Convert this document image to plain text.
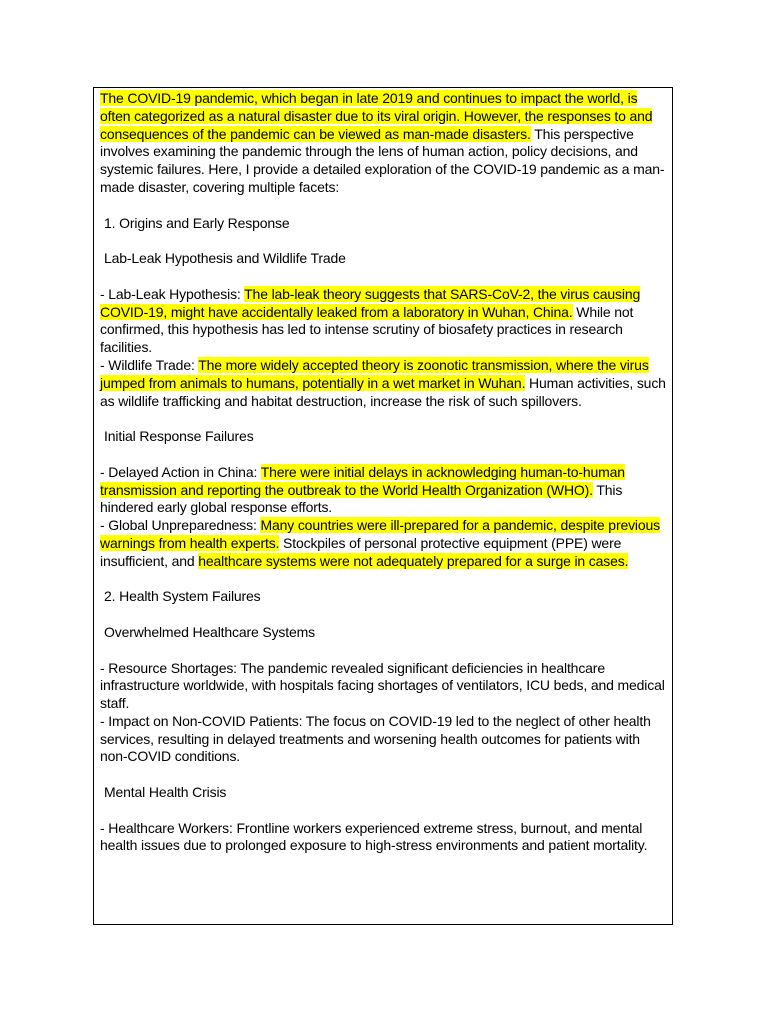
The COVID-19 pandemic, which began in late 2019 and continues to impact the world, is often categorized as a natural disaster due to its viral origin. However, the responses to and consequences of the pandemic can be viewed as man-made disasters. This perspective involves examining the pandemic through the lens of human action, policy decisions, and systemic failures. Here, I provide a detailed exploration of the COVID-19 pandemic as a man-made disaster, covering multiple facets:

1. Origins and Early Response

Lab-Leak Hypothesis and Wildlife Trade

- Lab-Leak Hypothesis: The lab-leak theory suggests that SARS-CoV-2, the virus causing COVID-19, might have accidentally leaked from a laboratory in Wuhan, China. While not confirmed, this hypothesis has led to intense scrutiny of biosafety practices in research facilities.

- Wildlife Trade: The more widely accepted theory is zoonotic transmission, where the virus jumped from animals to humans, potentially in a wet market in Wuhan. Human activities, such as wildlife trafficking and habitat destruction, increase the risk of such spillovers.

Initial Response Failures

- Delayed Action in China: There were initial delays in acknowledging human-to-human transmission and reporting the outbreak to the World Health Organization (WHO). This hindered early global response efforts.

- Global Unpreparedness: Many countries were ill-prepared for a pandemic, despite previous warnings from health experts. Stockpiles of personal protective equipment (PPE) were insufficient, and healthcare systems were not adequately prepared for a surge in cases.

2. Health System Failures

Overwhelmed Healthcare Systems

- Resource Shortages: The pandemic revealed significant deficiencies in healthcare infrastructure worldwide, with hospitals facing shortages of ventilators, ICU beds, and medical staff.

- Impact on Non-COVID Patients: The focus on COVID-19 led to the neglect of other health services, resulting in delayed treatments and worsening health outcomes for patients with non-COVID conditions.

Mental Health Crisis

- Healthcare Workers: Frontline workers experienced extreme stress, burnout, and mental health issues due to prolonged exposure to high-stress environments and patient mortality.
